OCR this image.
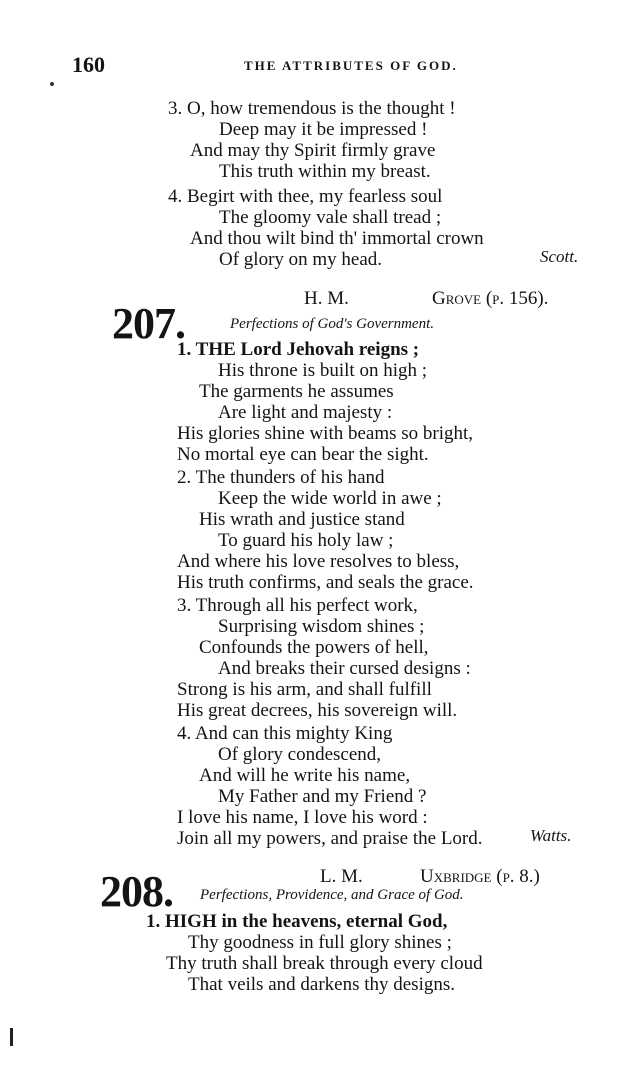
160	THE ATTRIBUTES OF GOD.
3. O, how tremendous is the thought !
Deep may it be impressed !
And may thy Spirit firmly grave
This truth within my breast.
4. Begirt with thee, my fearless soul
The gloomy vale shall tread ;
And thou wilt bind th' immortal crown
Of glory on my head.	Scott.
H. M.	Grove (p. 156).
207.	Perfections of God's Government.
1. THE Lord Jehovah reigns ;
His throne is built on high ;
The garments he assumes
Are light and majesty :
His glories shine with beams so bright,
No mortal eye can bear the sight.
2. The thunders of his hand
Keep the wide world in awe ;
His wrath and justice stand
To guard his holy law ;
And where his love resolves to bless,
His truth confirms, and seals the grace.
3. Through all his perfect work,
Surprising wisdom shines ;
Confounds the powers of hell,
And breaks their cursed designs :
Strong is his arm, and shall fulfill
His great decrees, his sovereign will.
4. And can this mighty King
Of glory condescend,
And will he write his name,
My Father and my Friend ?
I love his name, I love his word :
Join all my powers, and praise the Lord.	Watts.
L. M.	Uxbridge (p. 8.)
208. Perfections, Providence, and Grace of God.
1. HIGH in the heavens, eternal God,
Thy goodness in full glory shines ;
Thy truth shall break through every cloud
That veils and darkens thy designs.
